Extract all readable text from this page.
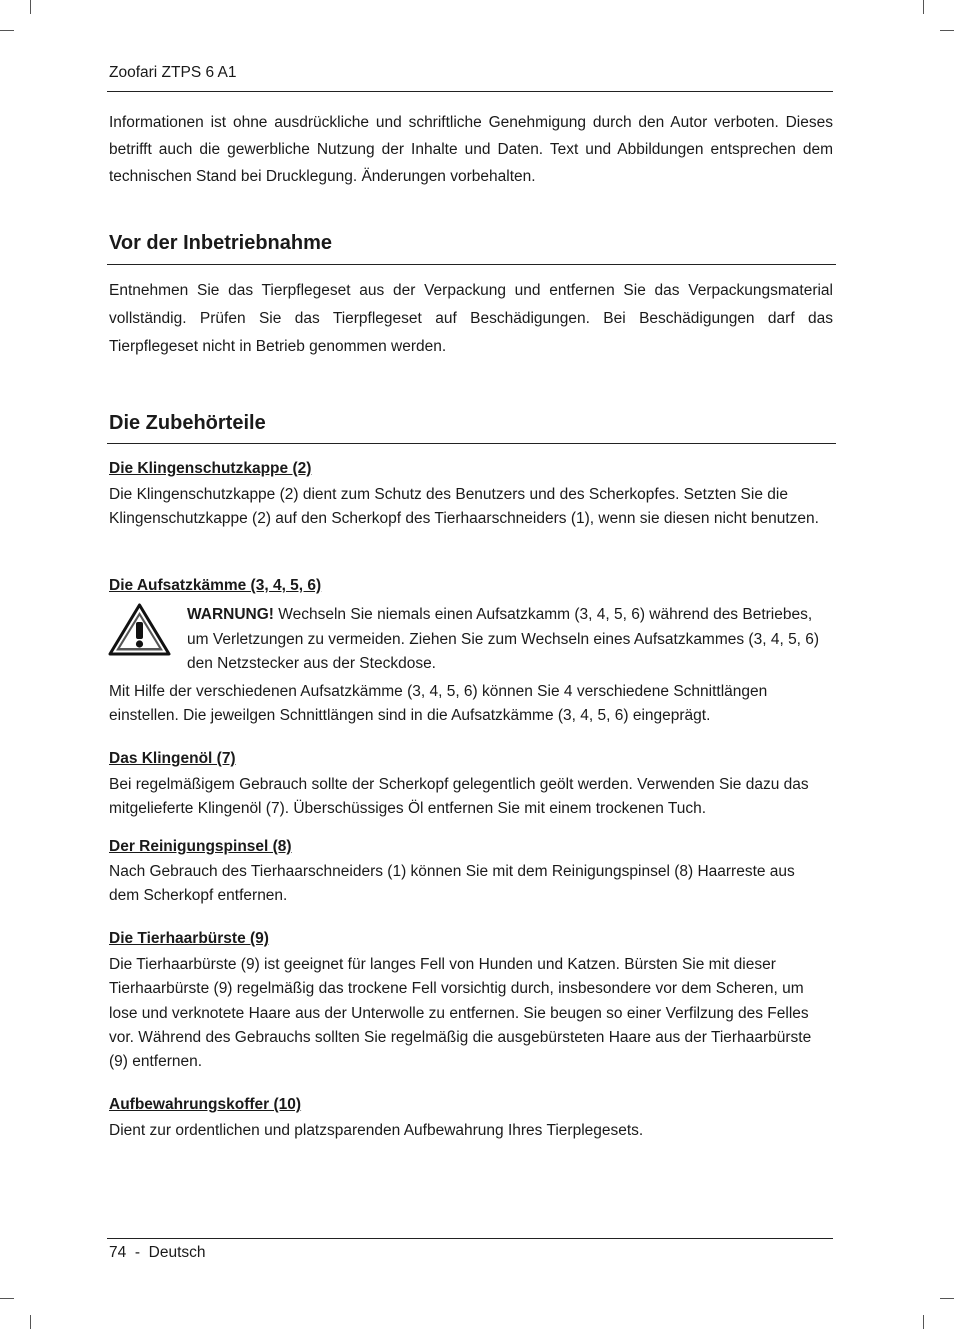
Zoofari ZTPS 6 A1

Informationen ist ohne ausdrückliche und schriftliche Genehmigung durch den Autor verboten. Dieses betrifft auch die gewerbliche Nutzung der Inhalte und Daten. Text und Abbildungen entsprechen dem technischen Stand bei Drucklegung. Änderungen vorbehalten.

Vor der Inbetriebnahme

Entnehmen Sie das Tierpflegeset aus der Verpackung und entfernen Sie das Verpackungsmaterial vollständig. Prüfen Sie das Tierpflegeset auf Beschädigungen. Bei Beschädigungen darf das Tierpflegeset nicht in Betrieb genommen werden.

Die Zubehörteile
Die Klingenschutzkappe (2)

Die Klingenschutzkappe (2) dient zum Schutz des Benutzers und des Scherkopfes. Setzten Sie die Klingenschutzkappe (2) auf den Scherkopf des Tierhaarschneiders (1), wenn sie diesen nicht benutzen.

Die Aufsatzkämme (3, 4, 5, 6)

WARNUNG! Wechseln Sie niemals einen Aufsatzkamm (3, 4, 5, 6) während des Betriebes, um Verletzungen zu vermeiden. Ziehen Sie zum Wechseln eines Aufsatzkammes (3, 4, 5, 6) den Netzstecker aus der Steckdose.

Mit Hilfe der verschiedenen Aufsatzkämme (3, 4, 5, 6) können Sie 4 verschiedene Schnittlängen einstellen. Die jeweilgen Schnittlängen sind in die Aufsatzkämme (3, 4, 5, 6) eingeprägt.

Das Klingenöl (7)

Bei regelmäßigem Gebrauch sollte der Scherkopf gelegentlich geölt werden. Verwenden Sie dazu das mitgelieferte Klingenöl (7). Überschüssiges Öl entfernen Sie mit einem trockenen Tuch.

Der Reinigungspinsel (8)

Nach Gebrauch des Tierhaarschneiders (1) können Sie mit dem Reinigungspinsel (8) Haarreste aus dem Scherkopf entfernen.

Die Tierhaarbürste (9)

Die Tierhaarbürste (9) ist geeignet für langes Fell von Hunden und Katzen. Bürsten Sie mit dieser Tierhaarbürste (9) regelmäßig das trockene Fell vorsichtig durch, insbesondere vor dem Scheren, um lose und verknotete Haare aus der Unterwolle zu entfernen. Sie beugen so einer Verfilzung des Felles vor. Während des Gebrauchs sollten Sie regelmäßig die ausgebürsteten Haare aus der Tierhaarbürste (9) entfernen.

Aufbewahrungskoffer (10)

Dient zur ordentlichen und platzsparenden Aufbewahrung Ihres Tierplegesets.

74 - Deutsch
